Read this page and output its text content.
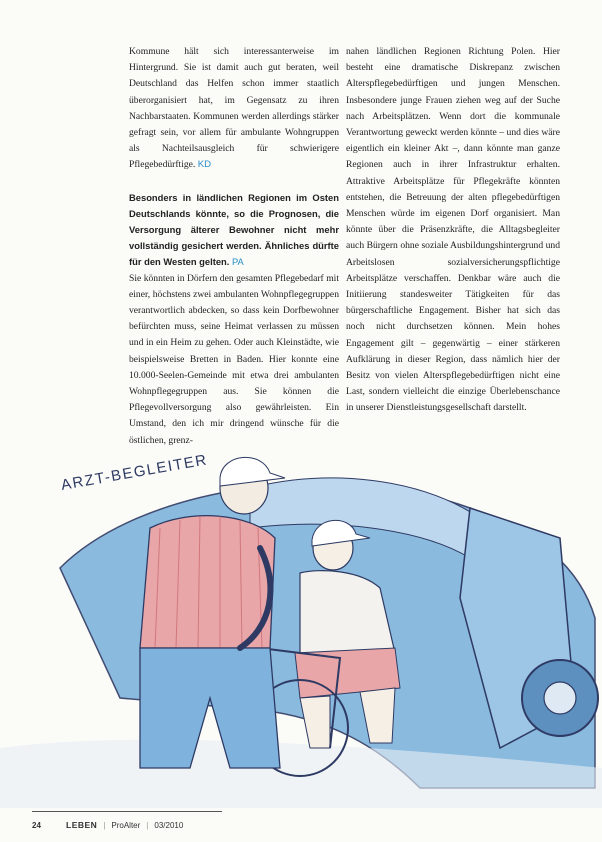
Kommune hält sich interessanterweise im Hintergrund. Sie ist damit auch gut beraten, weil Deutschland das Helfen schon immer staatlich überorganisiert hat, im Gegensatz zu ihren Nachbarstaaten. Kommunen werden allerdings stärker gefragt sein, vor allem für ambulante Wohngruppen als Nachteilsausgleich für schwierigere Pflegebedürftige. KD

Besonders in ländlichen Regionen im Osten Deutschlands könnte, so die Prognosen, die Versorgung älterer Bewohner nicht mehr vollständig gesichert werden. Ähnliches dürfte für den Westen gelten. PA

Sie könnten in Dörfern den gesamten Pflegebedarf mit einer, höchstens zwei ambulanten Wohnpflegegruppen verantwortlich abdecken, so dass kein Dorfbewohner befürchten muss, seine Heimat verlassen zu müssen und in ein Heim zu gehen. Oder auch Kleinstädte, wie beispielsweise Bretten in Baden. Hier konnte eine 10.000-Seelen-Gemeinde mit etwa drei ambulanten Wohnpflegegruppen aus. Sie können die Pflegevollversorgung also gewährleisten. Ein Umstand, den ich mir dringend wünsche für die östlichen, grenz-

nahen ländlichen Regionen Richtung Polen. Hier besteht eine dramatische Diskrepanz zwischen Alterspflegebedürftigen und jungen Menschen. Insbesondere junge Frauen ziehen weg auf der Suche nach Arbeitsplätzen. Wenn dort die kommunale Verantwortung geweckt werden könnte – und dies wäre eigentlich ein kleiner Akt –, dann könnte man ganze Regionen auch in ihrer Infrastruktur erhalten. Attraktive Arbeitsplätze für Pflegekräfte könnten entstehen, die Betreuung der alten pflegebedürftigen Menschen würde im eigenen Dorf organisiert. Man könnte über die Präsenzkräfte, die Alltagsbegleiter auch Bürgern ohne soziale Ausbildungshintergrund und Arbeitslosen sozialversicherungspflichtige Arbeitsplätze verschaffen. Denkbar wäre auch die Initiierung standesweiter Tätigkeiten für das bürgerschaftliche Engagement. Bisher hat sich das noch nicht durchsetzen können. Mein hohes Engagement gilt – gegenwärtig – einer stärkeren Aufklärung in dieser Region, dass nämlich hier der Besitz von vielen Alterspflegebedürftigen nicht eine Last, sondern vielleicht die einzige Überlebenschance in unserer Dienstleistungsgesellschaft darstellt.

ARZT-BEGLEITER
24	LEBEN | ProAlter | 03/2010
